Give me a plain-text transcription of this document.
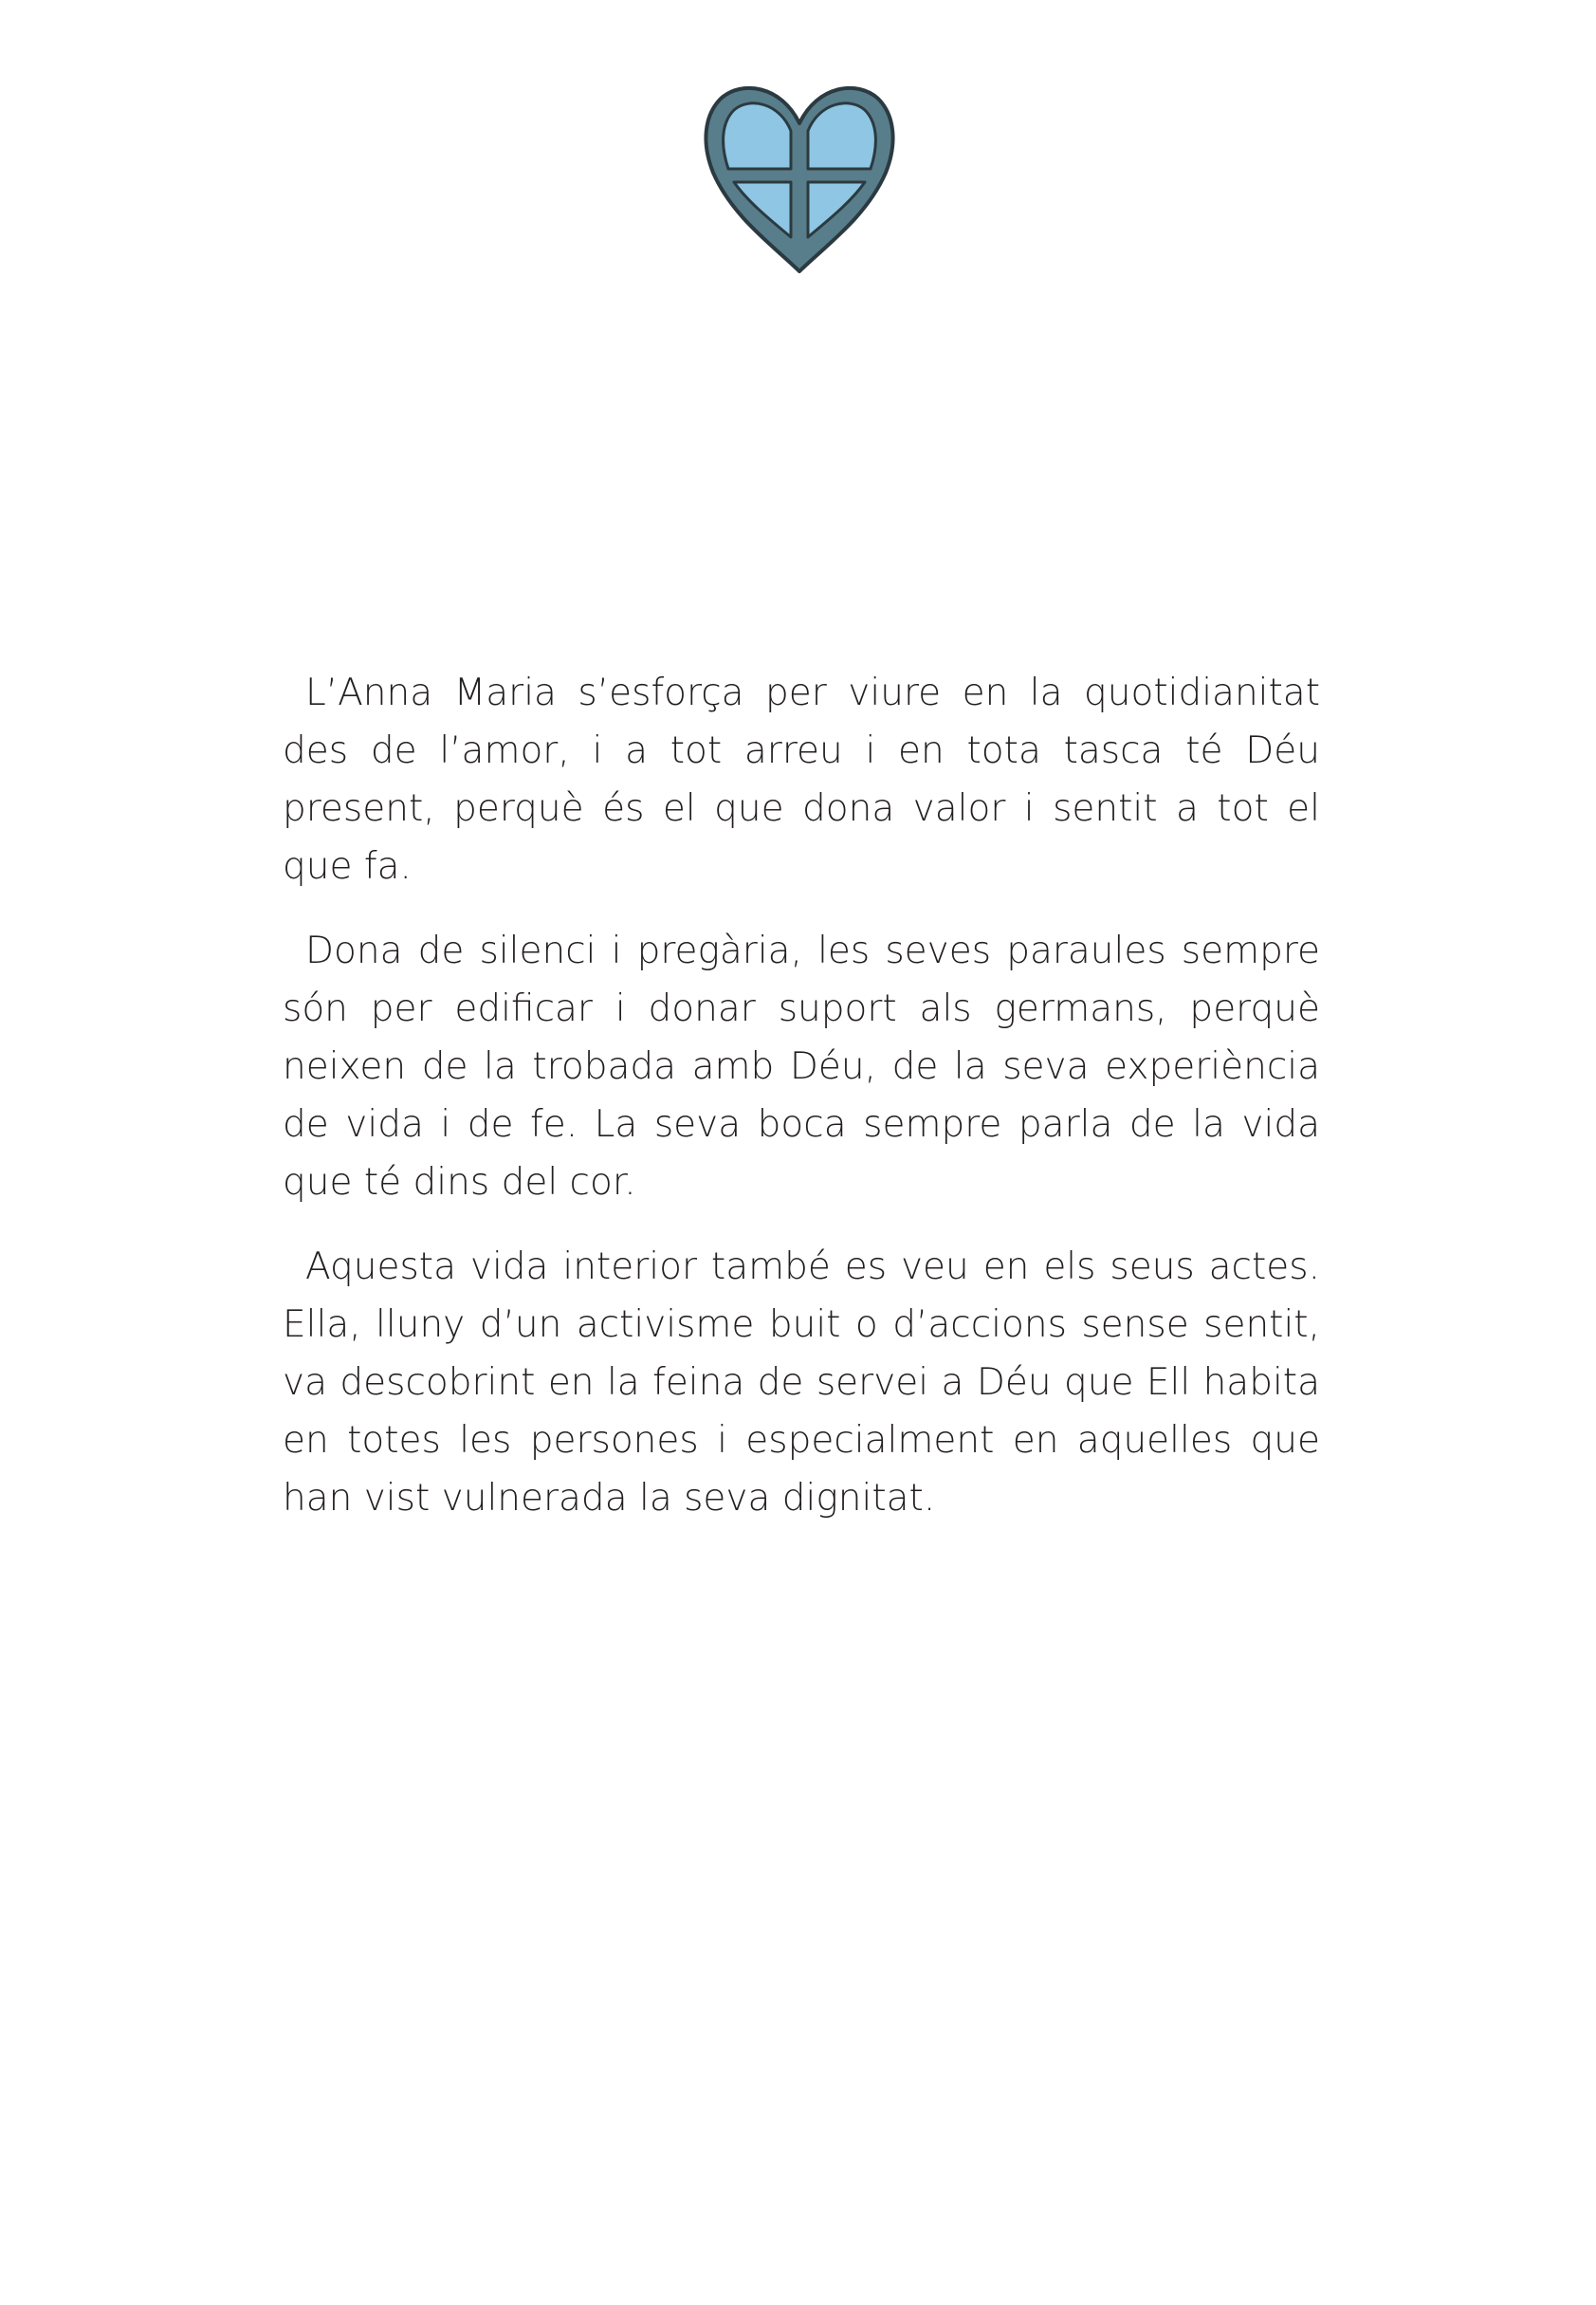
L’Anna Maria s’esforça per viure en la quotidianitat des de l’amor, i a tot arreu i en tota tasca té Déu present, perquè és el que dona valor i sentit a tot el que fa.

Dona de silenci i pregària, les seves paraules sempre són per edificar i donar suport als germans, perquè neixen de la trobada amb Déu, de la seva experiència de vida i de fe. La seva boca sempre parla de la vida que té dins del cor.

Aquesta vida interior també es veu en els seus actes. Ella, lluny d’un activisme buit o d’accions sense sentit, va descobrint en la feina de servei a Déu que Ell habita en totes les persones i especialment en aquelles que han vist vulnerada la seva dignitat.
